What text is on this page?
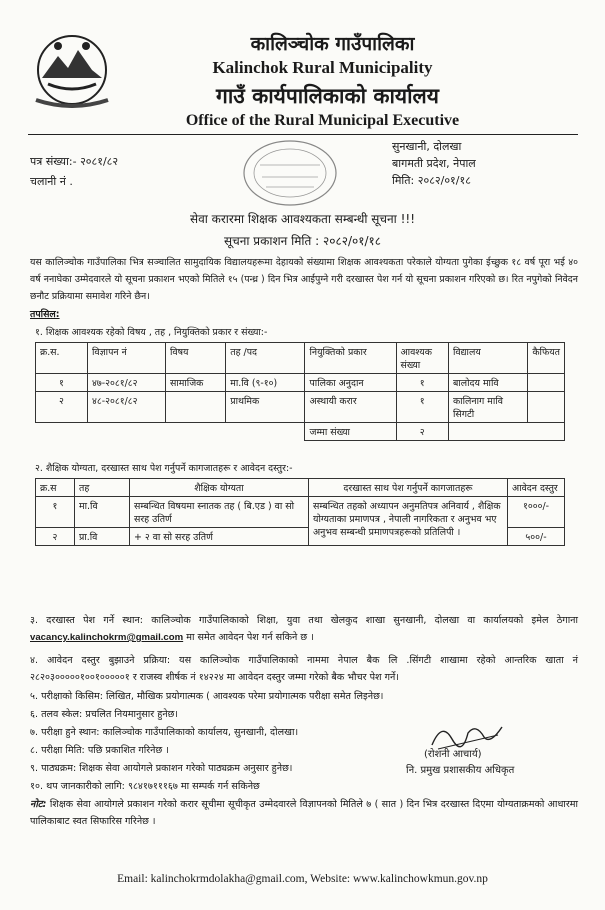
कालिञ्चोक गाउँपालिका
Kalinchok Rural Municipality
गाउँ कार्यपालिकाको कार्यालय
Office of the Rural Municipal Executive
पत्र संख्या:- २०८१/८२
चलानी नं .
सुनखानी, दोलखा
बागमती प्रदेश, नेपाल
मिति: २०८२/०१/१८
सेवा करारमा शिक्षक आवश्यकता सम्बन्धी सूचना !!!
सूचना प्रकाशन मिति : २०८२/०१/१८
यस कालिञ्चोक गाउँपालिका भित्र सञ्चालित सामुदायिक विद्यालयहरूमा देहायको संख्यामा शिक्षक आवश्यकता परेकाले योग्यता पुगेका ईच्छुक १८ वर्ष पूरा भई ४० वर्ष ननाघेका उम्मेदवारले यो सूचना प्रकाशन भएको मितिले १५ (पन्ध्र ) दिन भित्र आईपुग्ने गरी दरखास्त पेश गर्न यो सूचना प्रकाशन गरिएको छ। रित नपुगेको निवेदन छनौट प्रक्रियामा समावेश गरिने छैन।
तपसिल:
१. शिक्षक आवश्यक रहेको विषय , तह , नियुक्तिको प्रकार र संख्या:-
क्र.स.	विज्ञापन नं	विषय	तह /पद	नियुक्तिको प्रकार	आवश्यक संख्या	विद्यालय	कैफियत
१	४७-२०८१/८२	सामाजिक	मा.वि (९-१०)	पालिका अनुदान	१	बालोदय मावि	
२	४८-२०८१/८२		प्राथमिक	अस्थायी करार	१	कालिनाग मावि सिगटी	
				जम्मा संख्या	२		
२. शैक्षिक योग्यता, दरखास्त साथ पेश गर्नुपर्ने कागजातहरू र आवेदन दस्तुर:-
क्र.स	तह	शैक्षिक योग्यता	दरखास्त साथ पेश गर्नुपर्ने कागजातहरू	आवेदन दस्तुर
१	मा.वि	सम्बन्धित विषयमा स्नातक तह ( बि.एड ) वा सो सरह उतिर्ण	सम्बन्धित तहको अध्यापन अनुमतिपत्र अनिवार्य , शैक्षिक योग्यताका प्रमाणपत्र , नेपाली नागरिकता र अनुभव भए अनुभव सम्बन्धी प्रमाणपत्रहरूको प्रतिलिपी ।	१०००/-
२	प्रा.वि	+ २ वा सो सरह उतिर्ण		५००/-
३. दरखास्त पेश गर्ने स्थान: कालिञ्चोक गाउँपालिकाको शिक्षा, युवा तथा खेलकुद शाखा सुनखानी, दोलखा वा कार्यालयको इमेल ठेगाना vacancy.kalinchokrm@gmail.com मा समेत आवेदन पेश गर्न सकिने छ ।
४. आवेदन दस्तुर बुझाउने प्रक्रिया: यस कालिञ्चोक गाउँपालिकाको नाममा नेपाल बैक लि .सिंगटी शाखामा रहेको आन्तरिक खाता नं २८२०३०००००१००१०००००१ र राजस्व शीर्षक नं १४२२४ मा आवेदन दस्तुर जम्मा गरेको बैक भौचर पेश गर्ने।
५. परीक्षाको किसिम: लिखित, मौखिक प्रयोगात्मक ( आवश्यक परेमा प्रयोगात्मक परीक्षा समेत लिइनेछ।
६. तलव स्केल: प्रचलित नियमानुसार हुनेछ।
७. परीक्षा हुने स्थान: कालिञ्चोक गाउँपालिकाको कार्यालय, सुनखानी, दोलखा।
८. परीक्षा मिति: पछि प्रकाशित गरिनेछ ।
९. पाठ्यक्रम: शिक्षक सेवा आयोगले प्रकाशन गरेको पाठ्यक्रम अनुसार हुनेछ।
१०. थप जानकारीको लागि: ९८४१७१११६७ मा सम्पर्क गर्न सकिनेछ
नोट: शिक्षक सेवा आयोगले प्रकाशन गरेको करार सूचीमा सूचीकृत उम्मेदवारले विज्ञापनको मितिले ७ ( सात ) दिन भित्र दरखास्त दिएमा योग्यताक्रमको आधारमा पालिकाबाट स्वत सिफारिस गरिनेछ ।
(रोशनी आचार्य)
नि. प्रमुख प्रशासकीय अधिकृत
Email: kalinchokrmdolakha@gmail.com, Website: www.kalinchowkmun.gov.np
